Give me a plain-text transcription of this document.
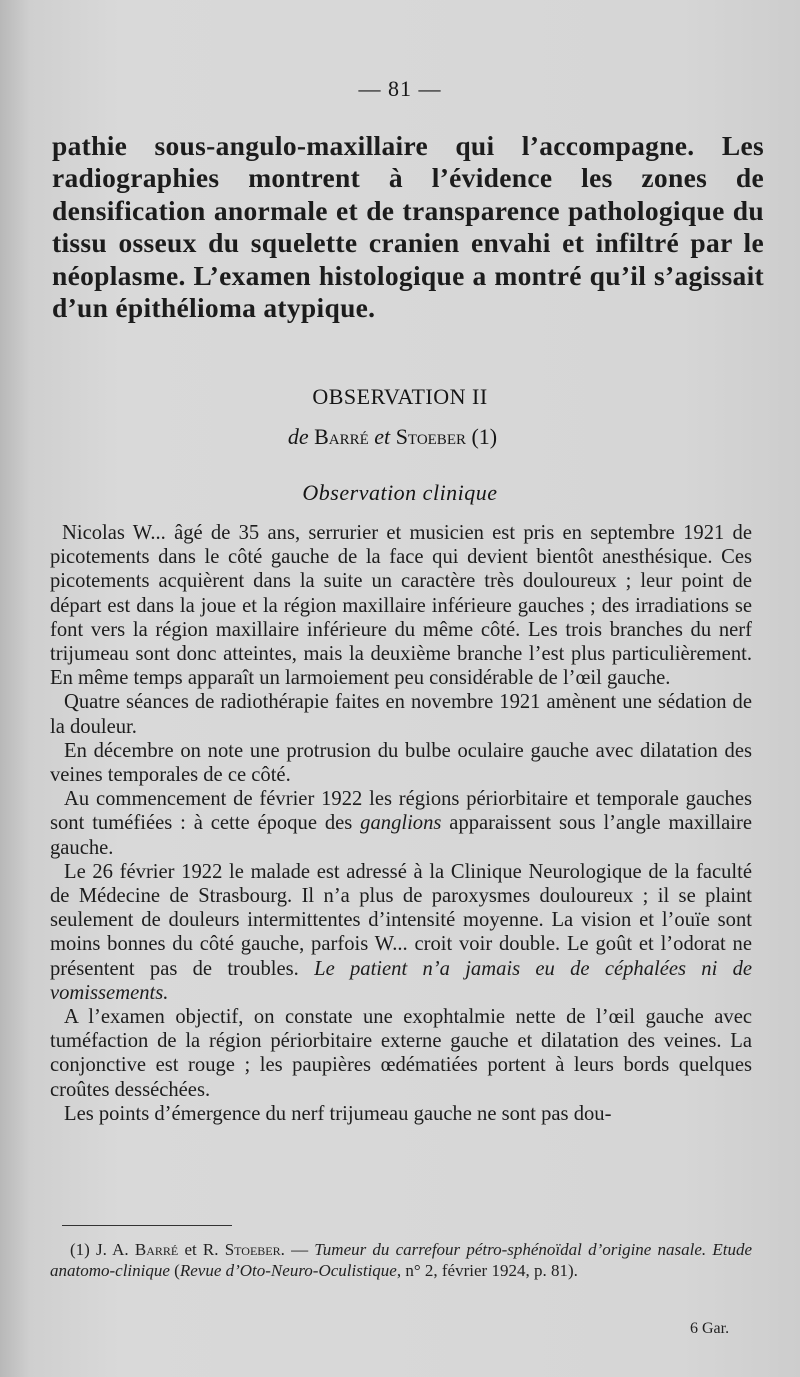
— 81 —

pathie sous-angulo-maxillaire qui l’accompagne. Les radiographies montrent à l’évidence les zones de densification anormale et de transparence pathologique du tissu osseux du squelette cranien envahi et infiltré par le néoplasme. L’examen histologique a montré qu’il s’agissait d’un épithélioma atypique.

OBSERVATION II
de Barré et Stoeber (1)
Observation clinique

Nicolas W... âgé de 35 ans, serrurier et musicien est pris en septembre 1921 de picotements dans le côté gauche de la face qui devient bientôt anesthésique. Ces picotements acquièrent dans la suite un caractère très douloureux ; leur point de départ est dans la joue et la région maxillaire inférieure gauches ; des irradiations se font vers la région maxillaire inférieure du même côté. Les trois branches du nerf trijumeau sont donc atteintes, mais la deuxième branche l’est plus particulièrement. En même temps apparaît un larmoiement peu considérable de l’œil gauche.

Quatre séances de radiothérapie faites en novembre 1921 amènent une sédation de la douleur.

En décembre on note une protrusion du bulbe oculaire gauche avec dilatation des veines temporales de ce côté.

Au commencement de février 1922 les régions périorbitaire et temporale gauches sont tuméfiées : à cette époque des ganglions apparaissent sous l’angle maxillaire gauche.

Le 26 février 1922 le malade est adressé à la Clinique Neurologique de la faculté de Médecine de Strasbourg. Il n’a plus de paroxysmes douloureux ; il se plaint seulement de douleurs intermittentes d’intensité moyenne. La vision et l’ouïe sont moins bonnes du côté gauche, parfois W... croit voir double. Le goût et l’odorat ne présentent pas de troubles. Le patient n’a jamais eu de céphalées ni de vomissements.

A l’examen objectif, on constate une exophtalmie nette de l’œil gauche avec tuméfaction de la région périorbitaire externe gauche et dilatation des veines. La conjonctive est rouge ; les paupières œdématiées portent à leurs bords quelques croûtes desséchées.

Les points d’émergence du nerf trijumeau gauche ne sont pas dou-

(1) J. A. Barré et R. Stoeber. — Tumeur du carrefour pétro-sphénoïdal d’origine nasale. Etude anatomo-clinique (Revue d’Oto-Neuro-Oculistique, n° 2, février 1924, p. 81).

6 Gar.
